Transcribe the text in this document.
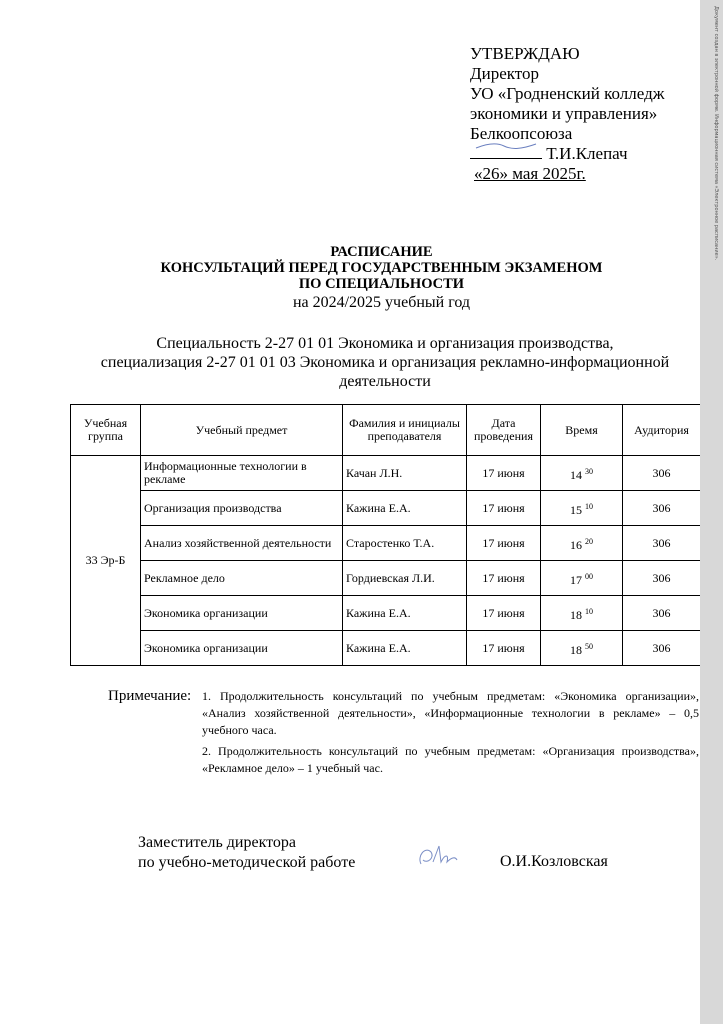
УТВЕРЖДАЮ
Директор
УО «Гродненский колледж
экономики и управления»
Белкоопсоюза
Т.И.Клепач
«26» мая 2025г.
РАСПИСАНИЕ
КОНСУЛЬТАЦИЙ ПЕРЕД ГОСУДАРСТВЕННЫМ ЭКЗАМЕНОМ
ПО СПЕЦИАЛЬНОСТИ
на 2024/2025 учебный год
Специальность 2-27 01 01 Экономика и организация производства,
специализация 2-27 01 01 03 Экономика и организация рекламно-информационной
деятельности
Учебная группа	Учебный предмет	Фамилия и инициалы преподавателя	Дата проведения	Время	Аудитория
33 Эр-Б	Информационные технологии в рекламе	Качан Л.Н.	17 июня	14 $^{30}$	306
	Организация производства	Кажина Е.А.	17 июня	15 $^{10}$	306
	Анализ хозяйственной деятельности	Старостенко Т.А.	17 июня	16 $^{20}$	306
	Рекламное дело	Гордиевская Л.И.	17 июня	17 $^{00}$	306
	Экономика организации	Кажина Е.А.	17 июня	18 $^{10}$	306
	Экономика организации	Кажина Е.А.	17 июня	18 $^{50}$	306
Примечание: 1. Продолжительность консультаций по учебным предметам: «Экономика организации», «Анализ хозяйственной деятельности», «Информационные технологии в рекламе» – 0,5 учебного часа.

2. Продолжительность консультаций по учебным предметам: «Организация производства», «Рекламное дело» – 1 учебный час.

Заместитель директора
по учебно-методической работе	О.И.Козловская
Документ создан в электронной форме. Информационная система «Электронное расписание».
